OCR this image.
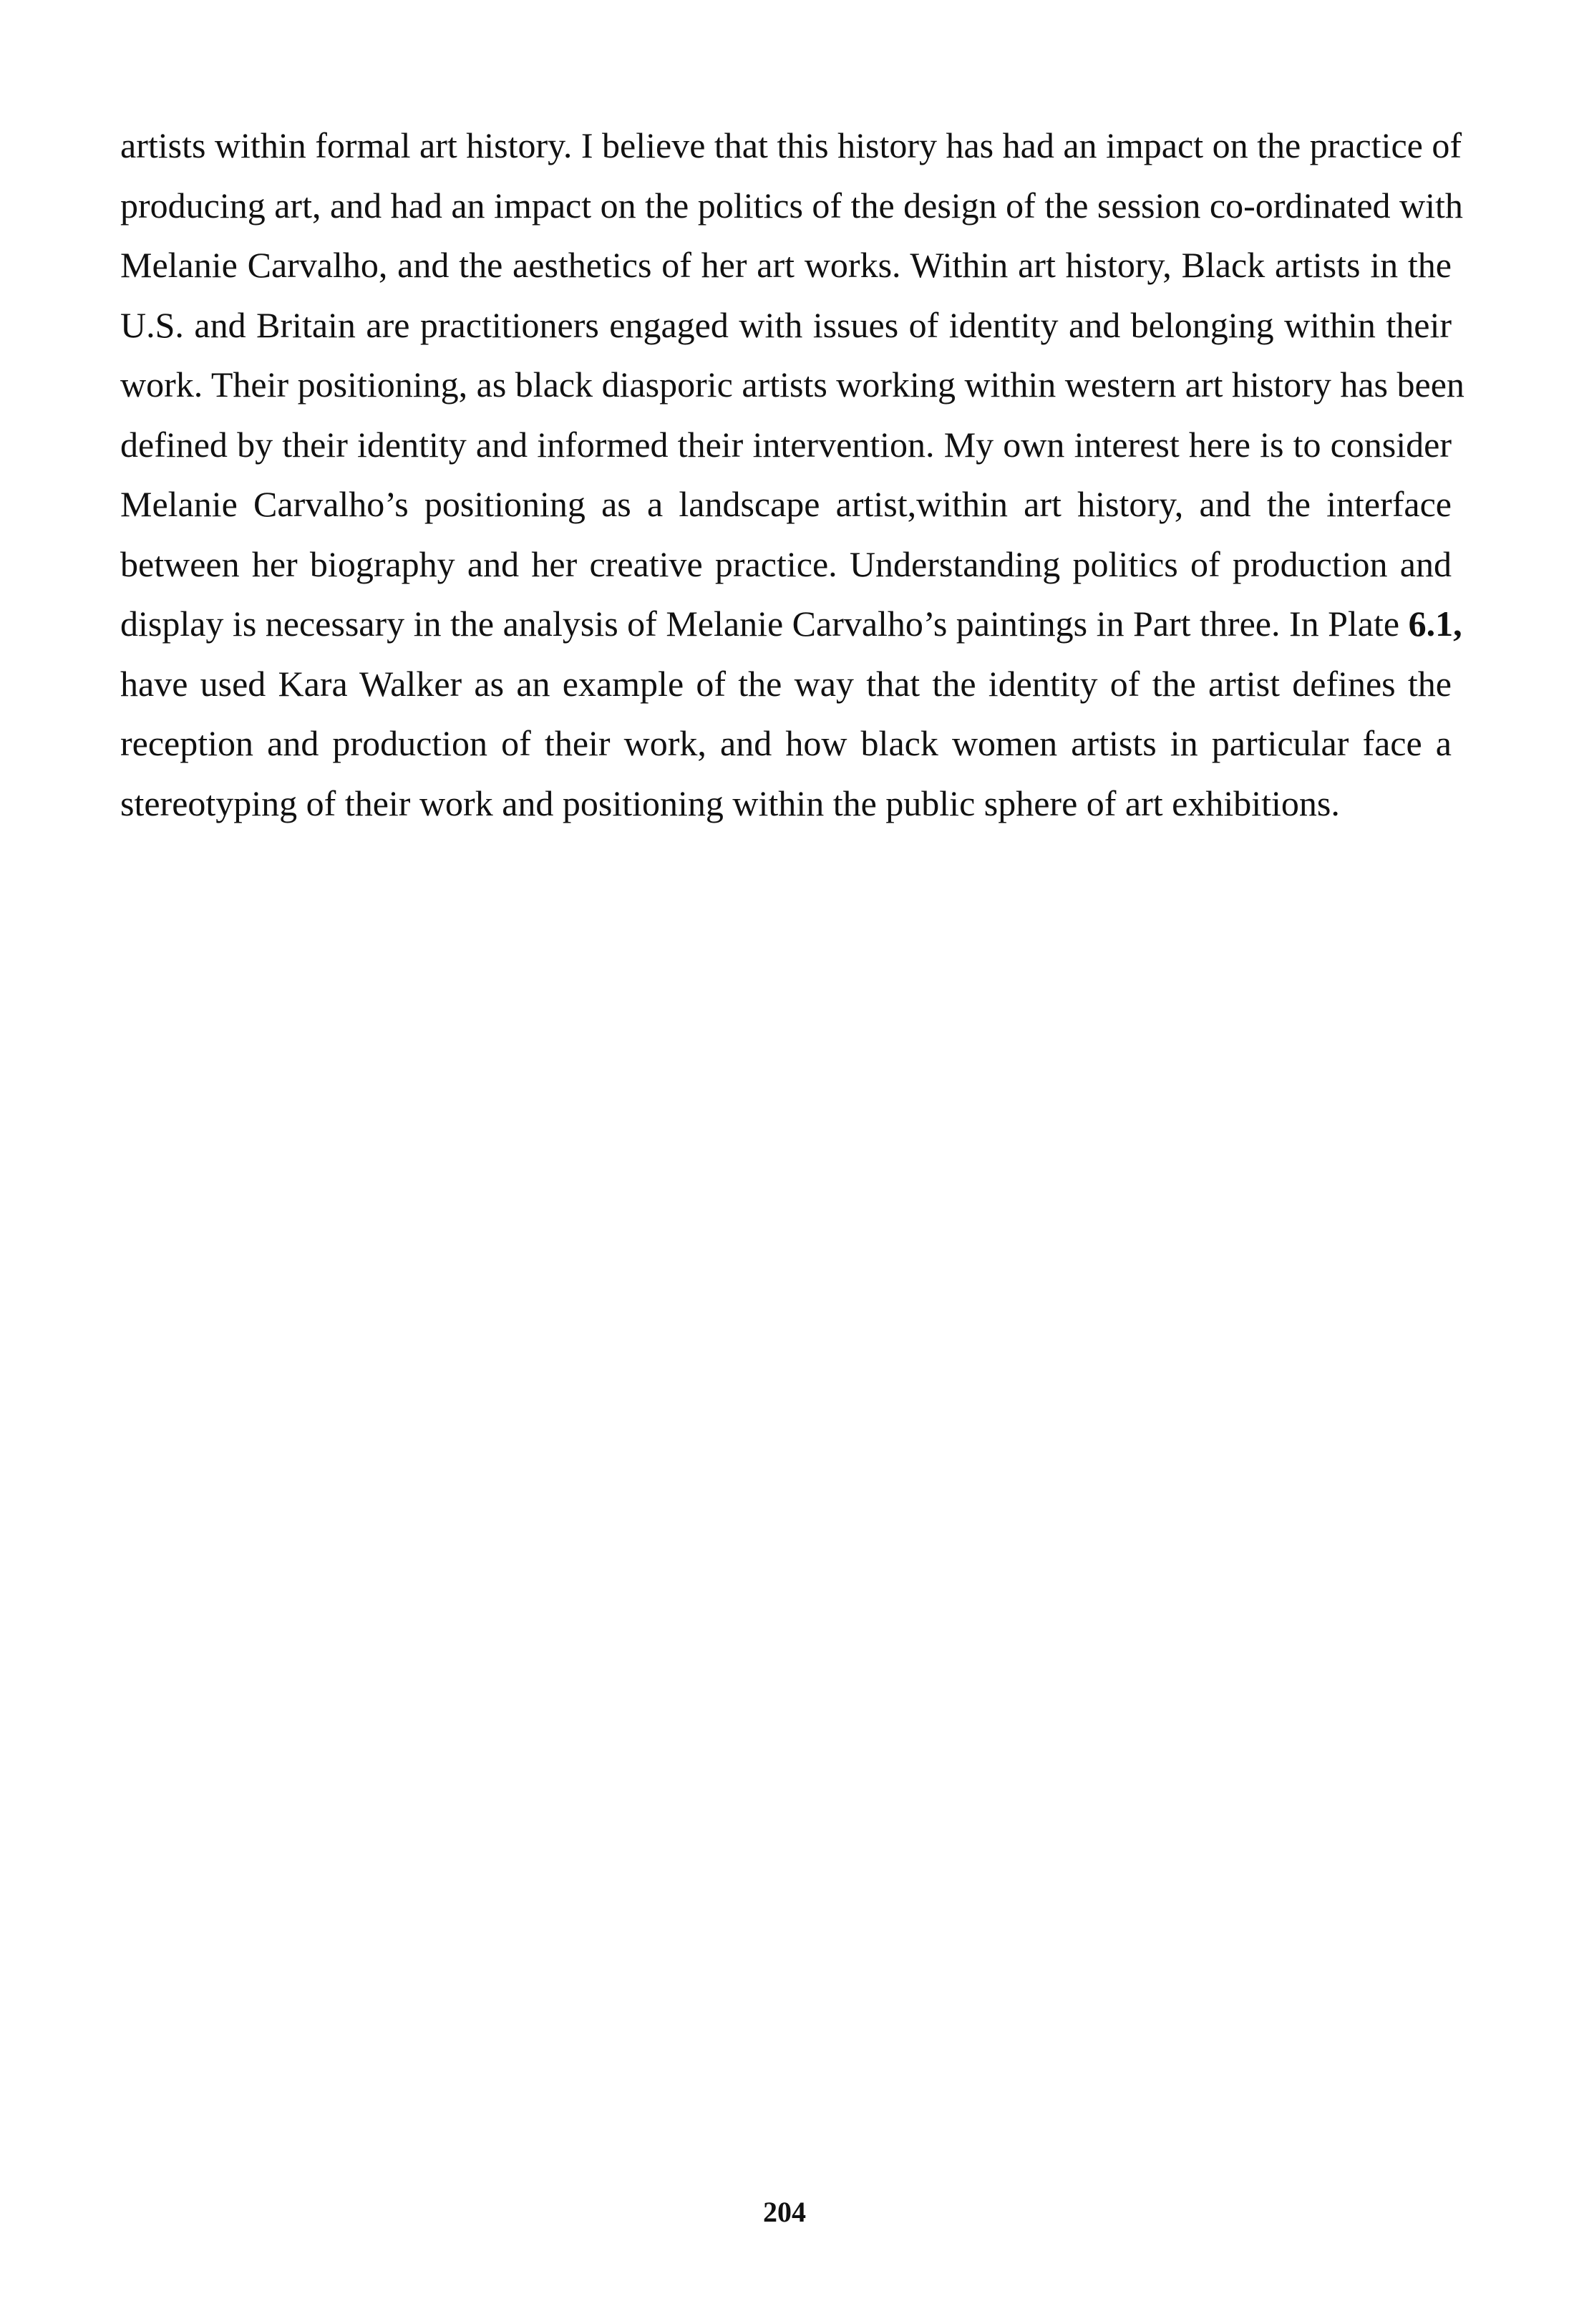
artists within formal art history. I believe that this history has had an impact on the practice of
producing art, and had an impact on the politics of the design of the session co-ordinated with
Melanie Carvalho, and the aesthetics of her art works. Within art history, Black artists in the
U.S. and Britain are practitioners engaged with issues of identity and belonging within their
work. Their positioning, as black diasporic artists working within western art history has been
defined by their identity and informed their intervention. My own interest here is to consider
Melanie Carvalho’s positioning as a landscape artist,within art history, and the interface
between her biography and her creative practice. Understanding politics of production and
display is necessary in the analysis of Melanie Carvalho’s paintings in Part three. In Plate 6.1,
have used Kara Walker as an example of the way that the identity of the artist defines the
reception and production of their work, and how black women artists in particular face a
stereotyping of their work and positioning within the public sphere of art exhibitions.
204
